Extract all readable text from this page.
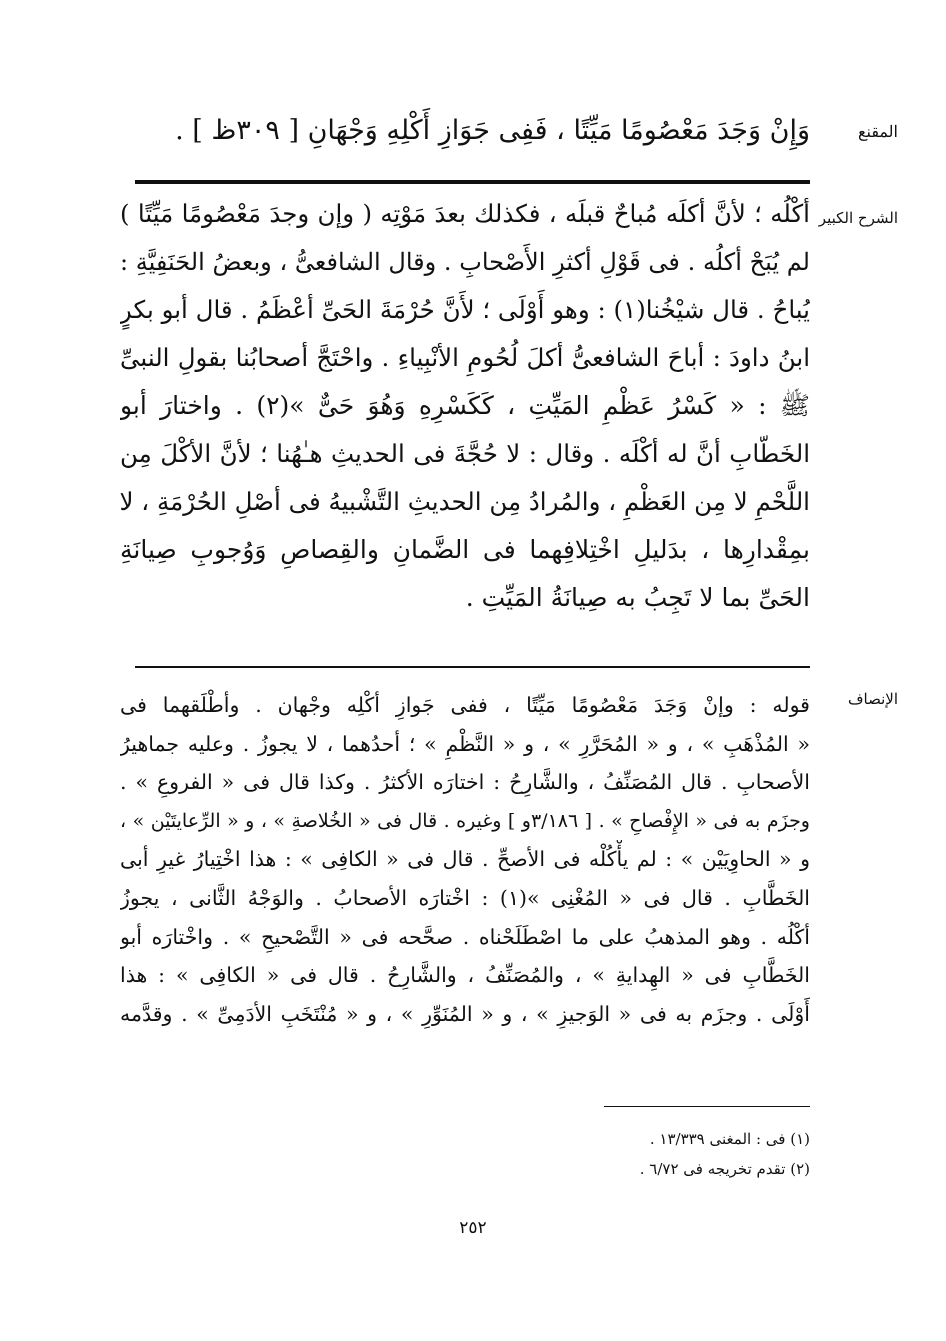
المقنع
وَإِنْ وَجَدَ مَعْصُومًا مَيِّتًا ، فَفِى جَوَازِ أَكْلِهِ وَجْهَانِ [ ٣٠٩ظ ] .
الشرح الكبير
أكْلُه ؛ لأنَّ أكلَه مُباحٌ قبلَه ، فكذلك بعدَ مَوْتِه ( وإن وجدَ مَعْصُومًا مَيِّتًا )
لم يُبَحْ أكلُه . فى قَوْلِ أكثرِ الأَصْحابِ . وقال الشافعىُّ ، وبعضُ الحَنَفِيَّةِ :
يُباحُ . قال شيْخُنا(١) : وهو أَوْلَى ؛ لأَنَّ حُرْمَةَ الحَىِّ أعْظَمُ . قال أبو بكرٍ
ابنُ داودَ : أباحَ الشافعىُّ أكلَ لُحُومِ الأنْبِياءِ . واحْتَجَّ أصحابُنا بقولِ النبىِّ
ﷺ : « كَسْرُ عَظْمِ المَيِّتِ ، كَكَسْرِهِ وَهُوَ حَىٌّ »(٢) . واختارَ أبو
الخَطّابِ أنَّ له أكْلَه . وقال : لا حُجَّةَ فى الحديثِ هـٰهُنا ؛ لأنَّ الأكْلَ مِن
اللَّحْمِ لا مِن العَظْمِ ، والمُرادُ مِن الحديثِ التَّشْبيهُ فى أصْلِ الحُرْمَةِ ، لا
بمِقْدارِها ، بدَليلِ اخْتِلافِهما فى الضَّمانِ والقِصاصِ وَوُجوبِ صِيانَةِ
الحَىِّ بما لا تَجِبُ به صِيانَةُ المَيِّتِ .
الإنصاف
قوله : وإنْ وَجَدَ مَعْصُومًا مَيِّتًا ، ففى جَوازِ أكْلِه وجْهان . وأطْلَقهما فى
« المُذْهَبِ » ، و « المُحَرَّرِ » ، و « النَّظْمِ » ؛ أحدُهما ، لا يجوزُ . وعليه جماهيرُ
الأصحابِ . قال المُصَنِّفُ ، والشَّارِحُ : اختارَه الأكثرُ . وكذا قال فى « الفروعِ » .
وجزَم به فى « الإِفْصاحِ » . [ ٣/١٨٦و ] وغيره . قال فى « الخُلاصةِ » ، و « الرِّعايتَيْن » ،
و « الحاوِيَيْن » : لم يأْكُلْه فى الأصحِّ . قال فى « الكافِى » : هذا اخْتِيارُ غيرِ أبى
الخَطَّابِ . قال فى « المُغْنِى »(١) : اخْتارَه الأصحابُ . والوَجْهُ الثَّانى ، يجوزُ
أكْلُه . وهو المذهبُ على ما اصْطَلَحْناه . صحَّحه فى « التَّصْحيحِ » . واخْتارَه أبو
الخَطَّابِ فى « الهِدايةِ » ، والمُصَنِّفُ ، والشَّارِحُ . قال فى « الكافِى » : هذا
أَوْلَى . وجزَم به فى « الوَجيزِ » ، و « المُنَوِّرِ » ، و « مُنْتَخَبِ الأدَمِىِّ » . وقدَّمه
(١) فى : المغنى ١٣/٣٣٩ .
(٢) تقدم تخريجه فى ٦/٧٢ .
٢٥٢
